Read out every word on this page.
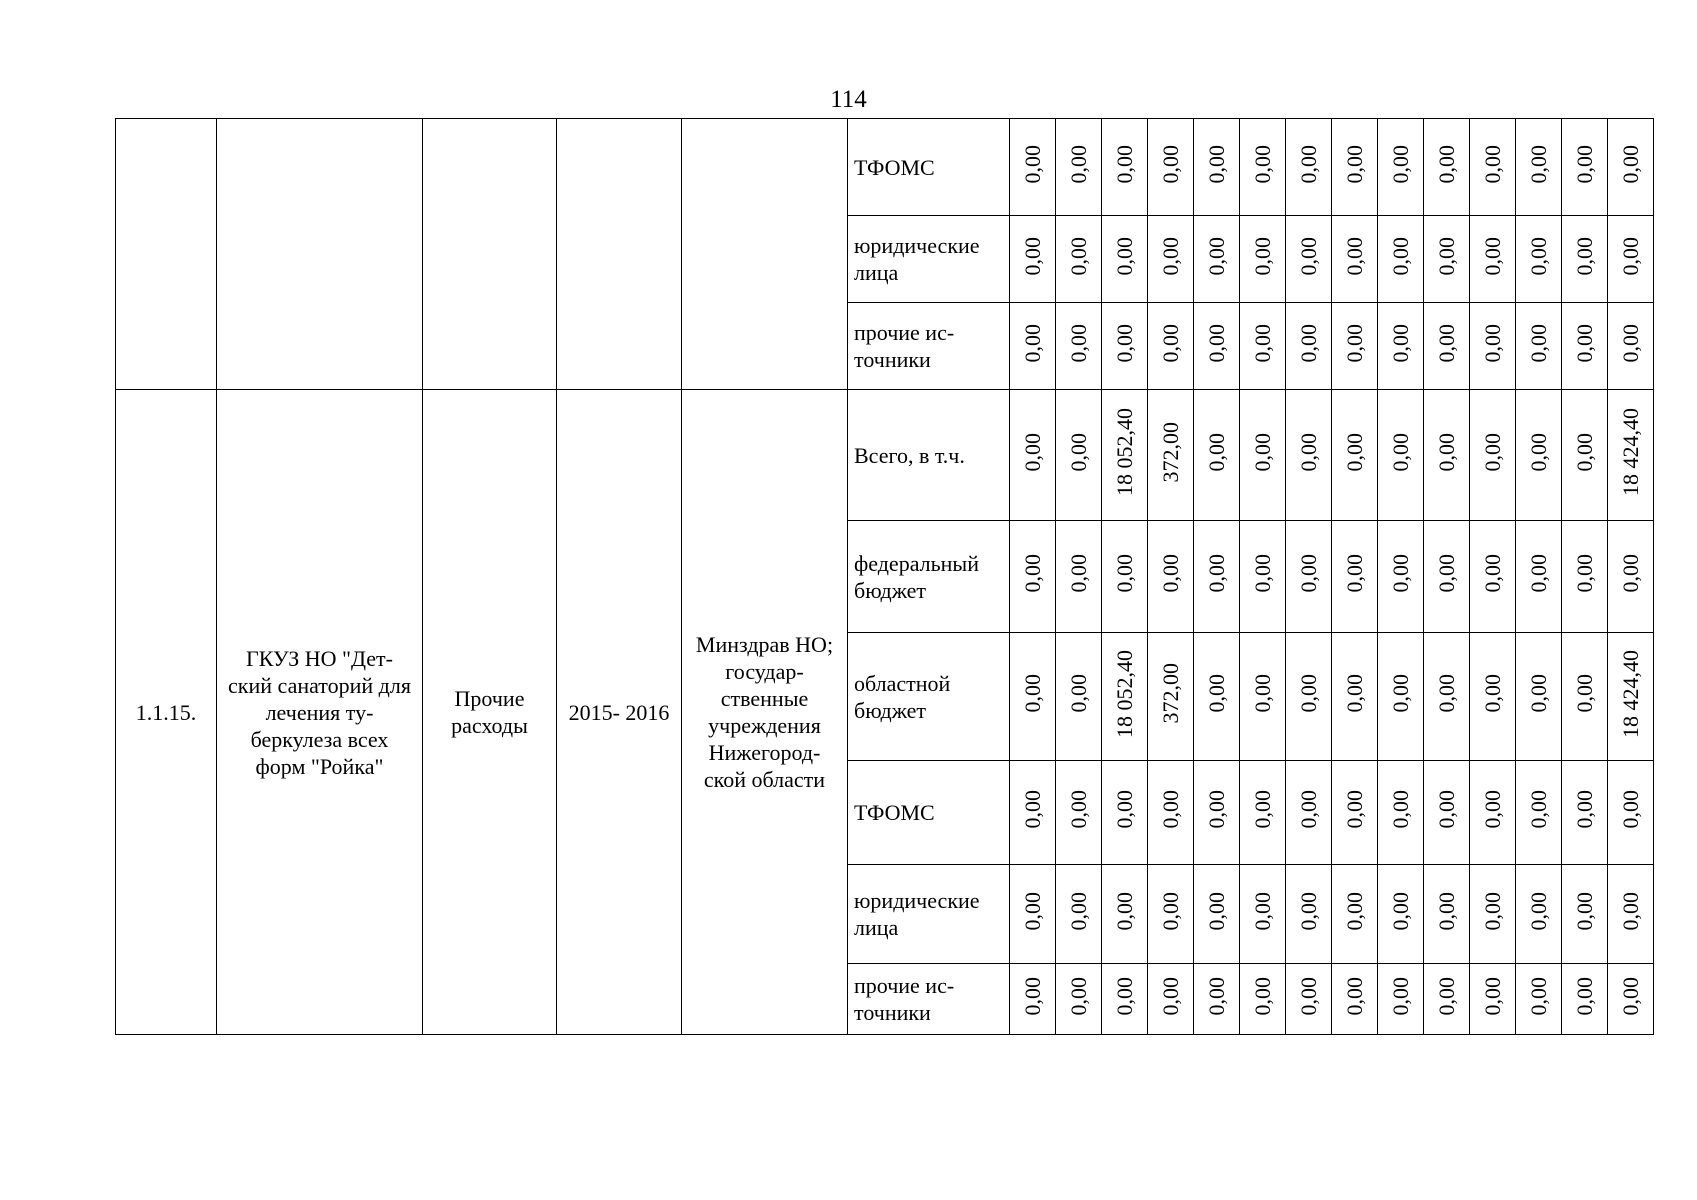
114

					ТФОМС	0,00	0,00	0,00	0,00	0,00	0,00	0,00	0,00	0,00	0,00	0,00	0,00	0,00	0,00

					юридические лица	0,00	0,00	0,00	0,00	0,00	0,00	0,00	0,00	0,00	0,00	0,00	0,00	0,00	0,00

					прочие ис- точники	0,00	0,00	0,00	0,00	0,00	0,00	0,00	0,00	0,00	0,00	0,00	0,00	0,00	0,00

1.1.15.	ГКУЗ НО "Дет- ский санаторий для лечения ту- беркулеза всех форм "Ройка"	Прочие расходы	2015- 2016	Минздрав НО; государ- ственные учреждения Нижегород- ской области	Всего, в т.ч.	0,00	0,00	18 052,40	372,00	0,00	0,00	0,00	0,00	0,00	0,00	0,00	0,00	0,00	18 424,40

					федеральный бюджет	0,00	0,00	0,00	0,00	0,00	0,00	0,00	0,00	0,00	0,00	0,00	0,00	0,00	0,00

					областной бюджет	0,00	0,00	18 052,40	372,00	0,00	0,00	0,00	0,00	0,00	0,00	0,00	0,00	0,00	18 424,40

					ТФОМС	0,00	0,00	0,00	0,00	0,00	0,00	0,00	0,00	0,00	0,00	0,00	0,00	0,00	0,00

					юридические лица	0,00	0,00	0,00	0,00	0,00	0,00	0,00	0,00	0,00	0,00	0,00	0,00	0,00	0,00

					прочие ис- точники	0,00	0,00	0,00	0,00	0,00	0,00	0,00	0,00	0,00	0,00	0,00	0,00	0,00	0,00
